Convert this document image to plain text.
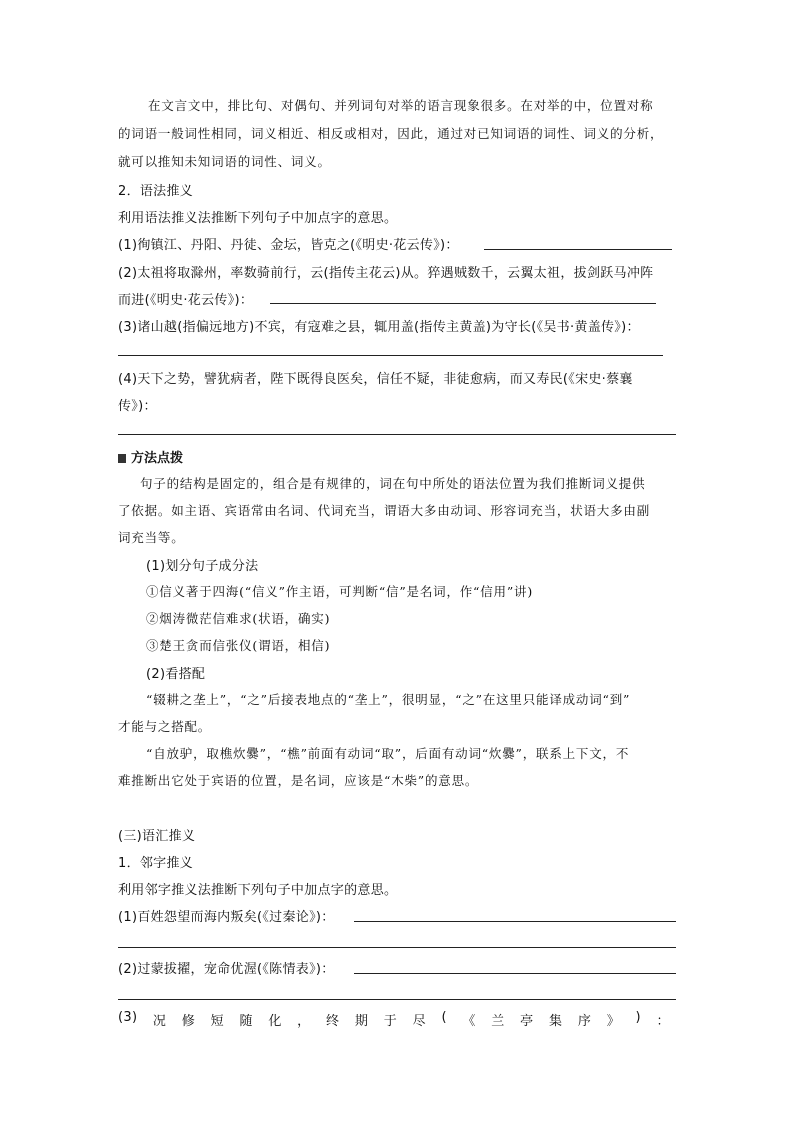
在文言文中，排比句、对偶句、并列词句对举的语言现象很多。在对举的中，位置对称
的词语一般词性相同，词义相近、相反或相对，因此，通过对已知词语的词性、词义的分析，
就可以推知未知词语的词性、词义。
2．语法推义
利用语法推义法推断下列句子中加点字的意思。
(1)徇镇江、丹阳、丹徒、金坛，皆克之(《明史·花云传》)：
(2)太祖将取滁州，率数骑前行，云(指传主花云)从。猝遇贼数千，云翼太祖，拔剑跃马冲阵
而进(《明史·花云传》)：
(3)诸山越(指偏远地方)不宾，有寇难之县，辄用盖(指传主黄盖)为守长(《吴书·黄盖传》)：
(4)天下之势，譬犹病者，陛下既得良医矣，信任不疑，非徒愈病，而又寿民(《宋史·蔡襄
传》)：
方法点拨
句子的结构是固定的，组合是有规律的，词在句中所处的语法位置为我们推断词义提供
了依据。如主语、宾语常由名词、代词充当，谓语大多由动词、形容词充当，状语大多由副
词充当等。
(1)划分句子成分法
①信义著于四海(“信义”作主语，可判断“信”是名词，作“信用”讲)
②烟涛微茫信难求(状语，确实)
③楚王贪而信张仪(谓语，相信)
(2)看搭配
“辍耕之垄上”，“之”后接表地点的“垄上”，很明显，“之”在这里只能译成动词“到”
才能与之搭配。
“自放驴，取樵炊爨”，“樵”前面有动词“取”，后面有动词“炊爨”，联系上下文，不
难推断出它处于宾语的位置，是名词，应该是“木柴”的意思。
(三)语汇推义
1．邻字推义
利用邻字推义法推断下列句子中加点字的意思。
(1)百姓怨望而海内叛矣(《过秦论》)：
(2)过蒙拔擢，宠命优渥(《陈情表》)：
(3) 况 修 短 随 化 ， 终 期 于 尽 ( 《 兰 亭 集 序 》 ) ：
